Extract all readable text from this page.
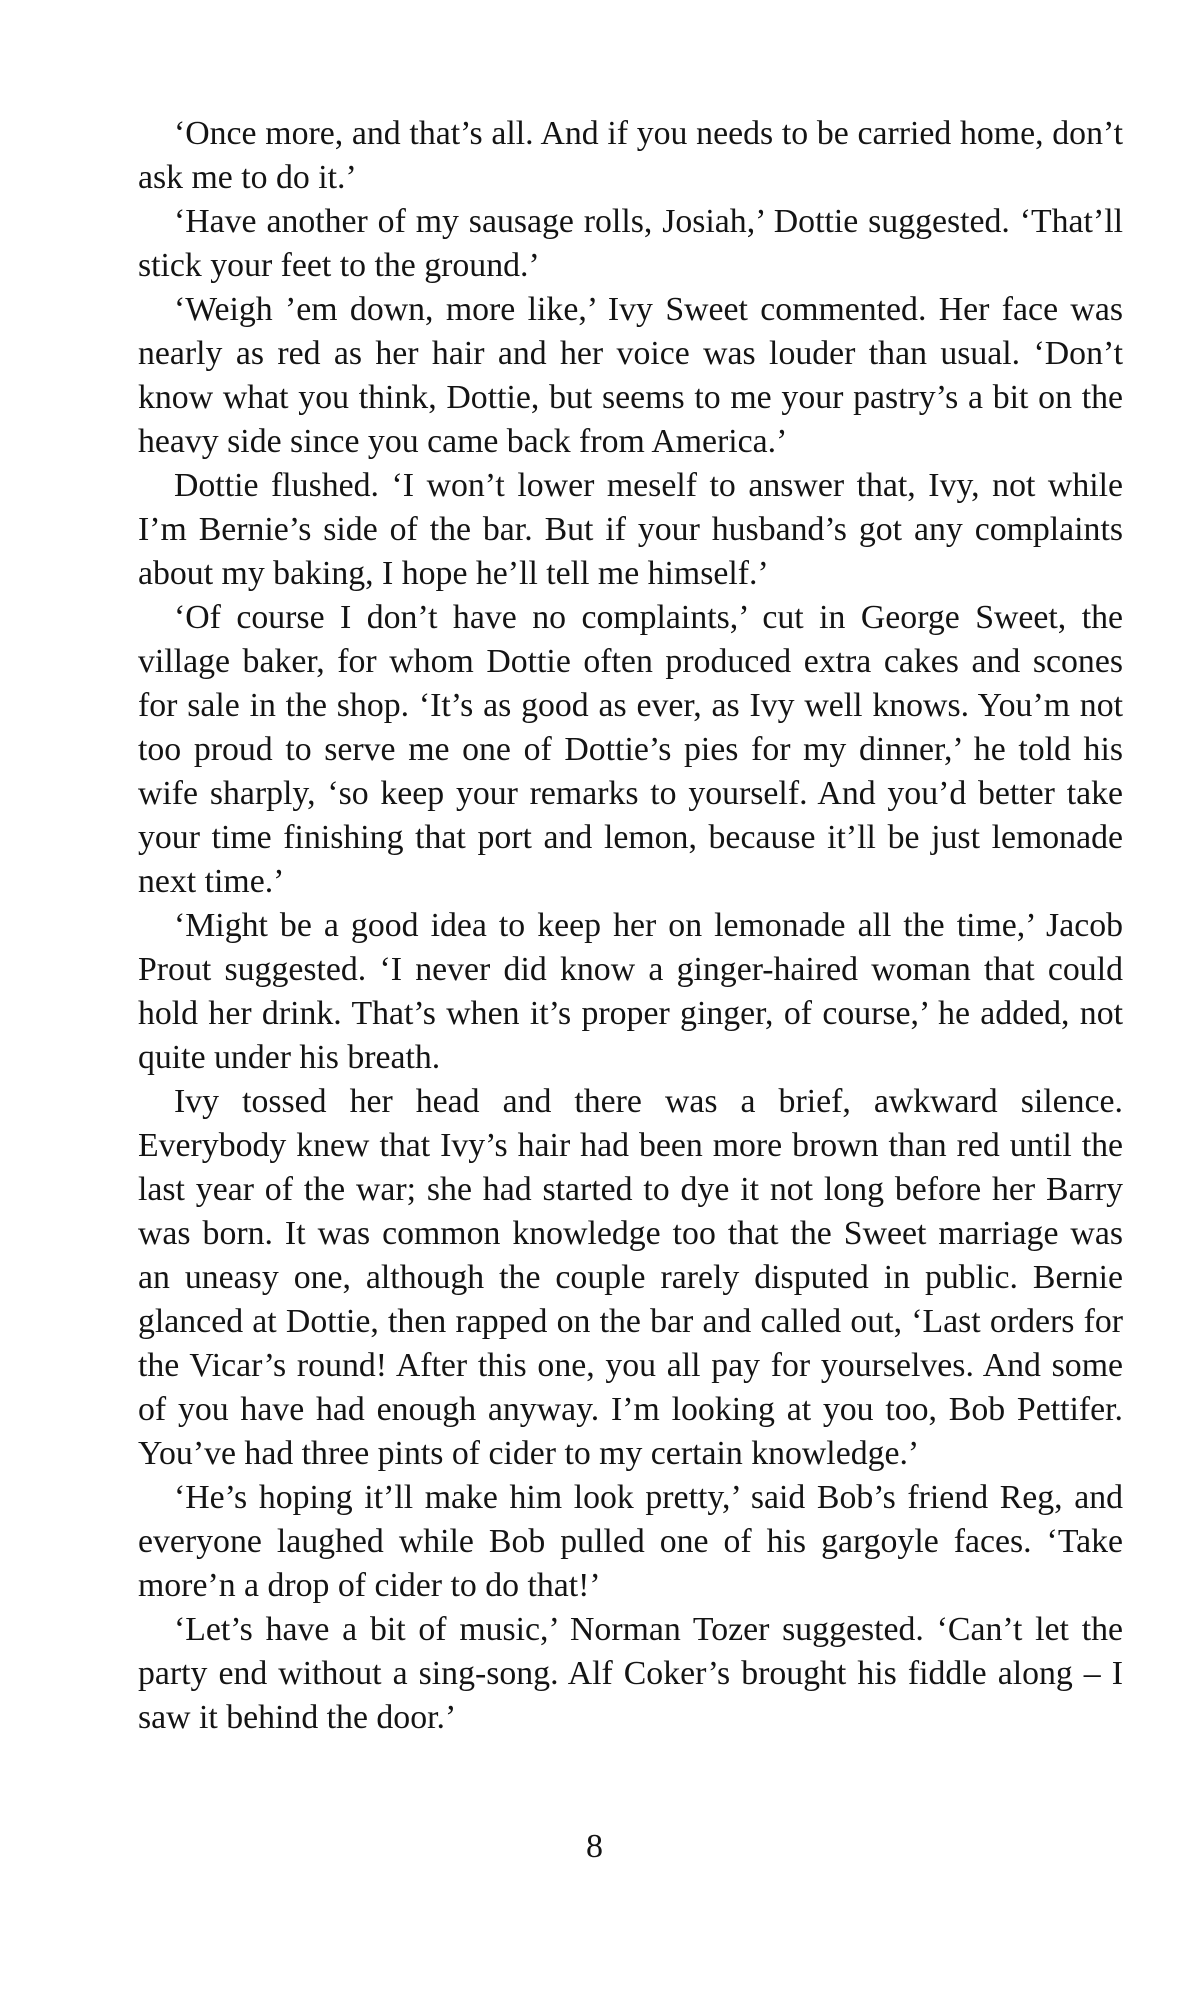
‘Once more, and that’s all. And if you needs to be carried home, don’t ask me to do it.’

‘Have another of my sausage rolls, Josiah,’ Dottie suggested. ‘That’ll stick your feet to the ground.’

‘Weigh ’em down, more like,’ Ivy Sweet commented. Her face was nearly as red as her hair and her voice was louder than usual. ‘Don’t know what you think, Dottie, but seems to me your pastry’s a bit on the heavy side since you came back from America.’

Dottie flushed. ‘I won’t lower meself to answer that, Ivy, not while I’m Bernie’s side of the bar. But if your husband’s got any complaints about my baking, I hope he’ll tell me himself.’

‘Of course I don’t have no complaints,’ cut in George Sweet, the village baker, for whom Dottie often produced extra cakes and scones for sale in the shop. ‘It’s as good as ever, as Ivy well knows. You’m not too proud to serve me one of Dottie’s pies for my dinner,’ he told his wife sharply, ‘so keep your remarks to yourself. And you’d better take your time finishing that port and lemon, because it’ll be just lemonade next time.’

‘Might be a good idea to keep her on lemonade all the time,’ Jacob Prout suggested. ‘I never did know a ginger-haired woman that could hold her drink. That’s when it’s proper ginger, of course,’ he added, not quite under his breath.

Ivy tossed her head and there was a brief, awkward silence. Everybody knew that Ivy’s hair had been more brown than red until the last year of the war; she had started to dye it not long before her Barry was born. It was common knowledge too that the Sweet marriage was an uneasy one, although the couple rarely disputed in public. Bernie glanced at Dottie, then rapped on the bar and called out, ‘Last orders for the Vicar’s round! After this one, you all pay for yourselves. And some of you have had enough anyway. I’m looking at you too, Bob Pettifer. You’ve had three pints of cider to my certain knowledge.’

‘He’s hoping it’ll make him look pretty,’ said Bob’s friend Reg, and everyone laughed while Bob pulled one of his gargoyle faces. ‘Take more’n a drop of cider to do that!’

‘Let’s have a bit of music,’ Norman Tozer suggested. ‘Can’t let the party end without a sing-song. Alf Coker’s brought his fiddle along – I saw it behind the door.’

8
